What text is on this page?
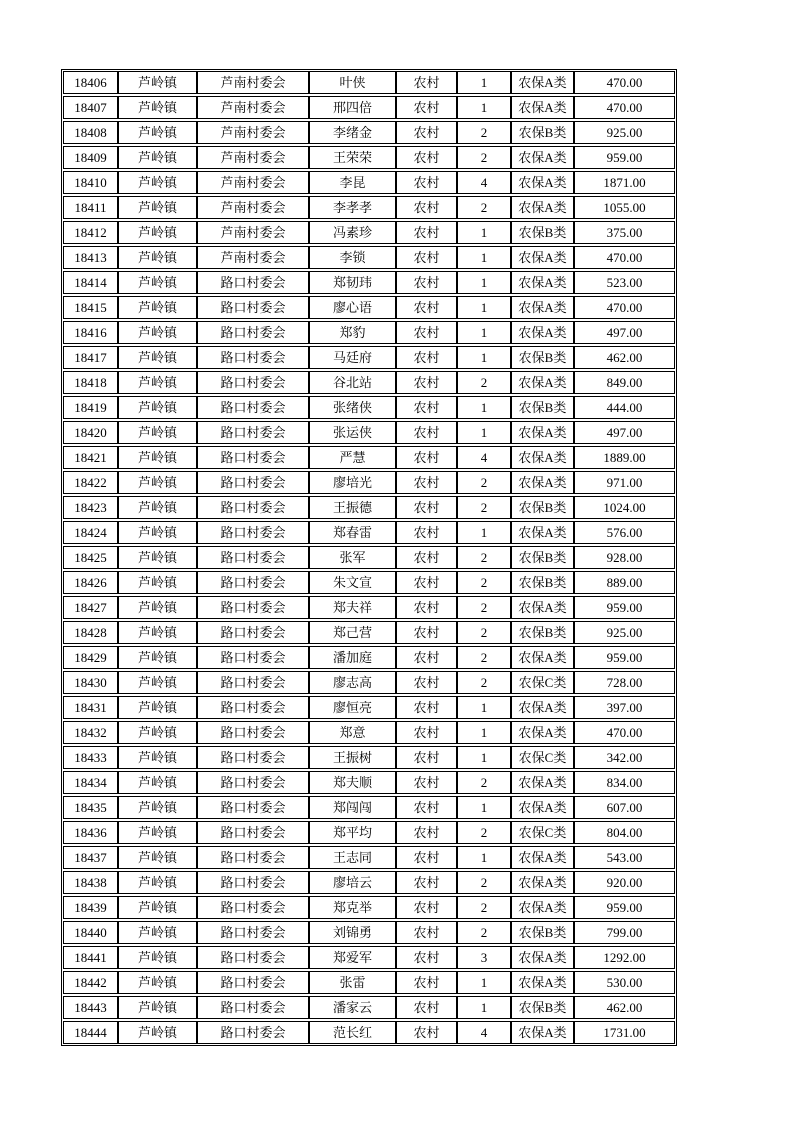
18406	芦岭镇	芦南村委会	叶侠	农村	1	农保A类	470.00
18407	芦岭镇	芦南村委会	邢四倍	农村	1	农保A类	470.00
18408	芦岭镇	芦南村委会	李绪金	农村	2	农保B类	925.00
18409	芦岭镇	芦南村委会	王荣荣	农村	2	农保A类	959.00
18410	芦岭镇	芦南村委会	李昆	农村	4	农保A类	1871.00
18411	芦岭镇	芦南村委会	李孝孝	农村	2	农保A类	1055.00
18412	芦岭镇	芦南村委会	冯素珍	农村	1	农保B类	375.00
18413	芦岭镇	芦南村委会	李锁	农村	1	农保A类	470.00
18414	芦岭镇	路口村委会	郑韧玮	农村	1	农保A类	523.00
18415	芦岭镇	路口村委会	廖心语	农村	1	农保A类	470.00
18416	芦岭镇	路口村委会	郑豹	农村	1	农保A类	497.00
18417	芦岭镇	路口村委会	马廷府	农村	1	农保B类	462.00
18418	芦岭镇	路口村委会	谷北站	农村	2	农保A类	849.00
18419	芦岭镇	路口村委会	张绪侠	农村	1	农保B类	444.00
18420	芦岭镇	路口村委会	张运侠	农村	1	农保A类	497.00
18421	芦岭镇	路口村委会	严慧	农村	4	农保A类	1889.00
18422	芦岭镇	路口村委会	廖培光	农村	2	农保A类	971.00
18423	芦岭镇	路口村委会	王振德	农村	2	农保B类	1024.00
18424	芦岭镇	路口村委会	郑春雷	农村	1	农保A类	576.00
18425	芦岭镇	路口村委会	张军	农村	2	农保B类	928.00
18426	芦岭镇	路口村委会	朱文宣	农村	2	农保B类	889.00
18427	芦岭镇	路口村委会	郑夫祥	农村	2	农保A类	959.00
18428	芦岭镇	路口村委会	郑己营	农村	2	农保B类	925.00
18429	芦岭镇	路口村委会	潘加庭	农村	2	农保A类	959.00
18430	芦岭镇	路口村委会	廖志高	农村	2	农保C类	728.00
18431	芦岭镇	路口村委会	廖恒亮	农村	1	农保A类	397.00
18432	芦岭镇	路口村委会	郑意	农村	1	农保A类	470.00
18433	芦岭镇	路口村委会	王振树	农村	1	农保C类	342.00
18434	芦岭镇	路口村委会	郑夫顺	农村	2	农保A类	834.00
18435	芦岭镇	路口村委会	郑闯闯	农村	1	农保A类	607.00
18436	芦岭镇	路口村委会	郑平均	农村	2	农保C类	804.00
18437	芦岭镇	路口村委会	王志同	农村	1	农保A类	543.00
18438	芦岭镇	路口村委会	廖培云	农村	2	农保A类	920.00
18439	芦岭镇	路口村委会	郑克举	农村	2	农保A类	959.00
18440	芦岭镇	路口村委会	刘锦勇	农村	2	农保B类	799.00
18441	芦岭镇	路口村委会	郑爱军	农村	3	农保A类	1292.00
18442	芦岭镇	路口村委会	张雷	农村	1	农保A类	530.00
18443	芦岭镇	路口村委会	潘家云	农村	1	农保B类	462.00
18444	芦岭镇	路口村委会	范长红	农村	4	农保A类	1731.00
